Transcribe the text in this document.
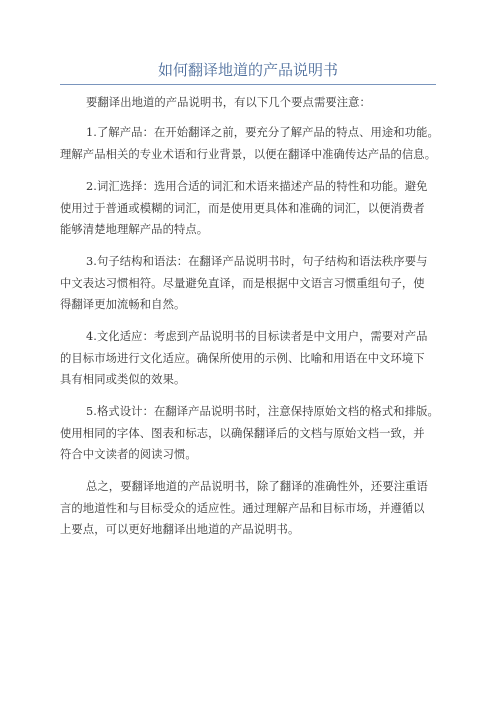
如何翻译地道的产品说明书

要翻译出地道的产品说明书，有以下几个要点需要注意：

1.了解产品：在开始翻译之前，要充分了解产品的特点、用途和功能。
理解产品相关的专业术语和行业背景，以便在翻译中准确传达产品的信息。

2.词汇选择：选用合适的词汇和术语来描述产品的特性和功能。避免
使用过于普通或模糊的词汇，而是使用更具体和准确的词汇，以便消费者
能够清楚地理解产品的特点。

3.句子结构和语法：在翻译产品说明书时，句子结构和语法秩序要与
中文表达习惯相符。尽量避免直译，而是根据中文语言习惯重组句子，使
得翻译更加流畅和自然。

4.文化适应：考虑到产品说明书的目标读者是中文用户，需要对产品
的目标市场进行文化适应。确保所使用的示例、比喻和用语在中文环境下
具有相同或类似的效果。

5.格式设计：在翻译产品说明书时，注意保持原始文档的格式和排版。
使用相同的字体、图表和标志，以确保翻译后的文档与原始文档一致，并
符合中文读者的阅读习惯。

总之，要翻译地道的产品说明书，除了翻译的准确性外，还要注重语
言的地道性和与目标受众的适应性。通过理解产品和目标市场，并遵循以
上要点，可以更好地翻译出地道的产品说明书。
